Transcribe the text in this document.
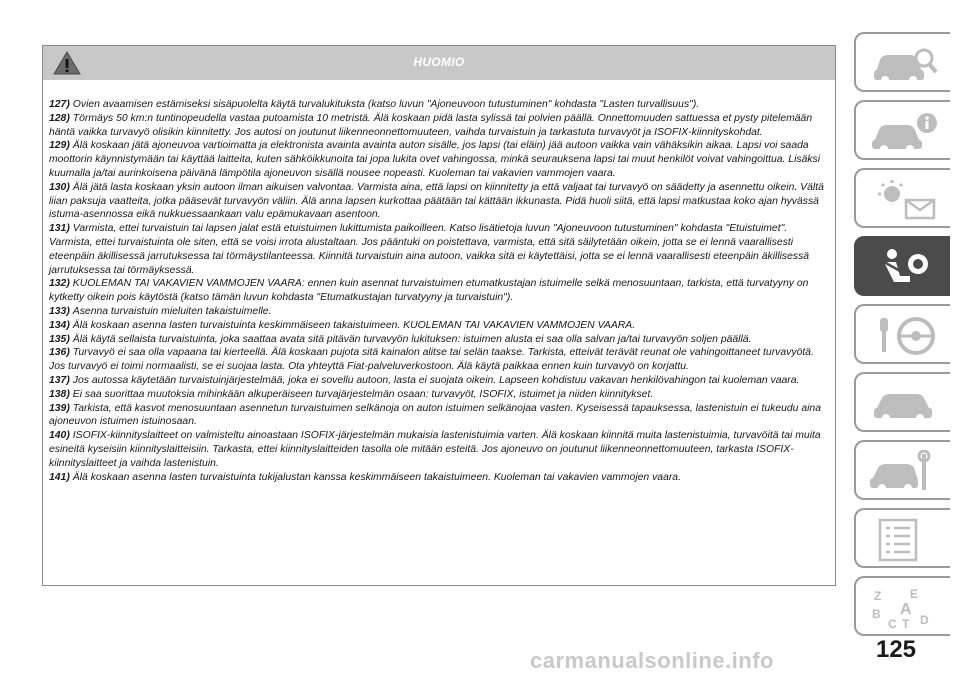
HUOMIO

127) Ovien avaamisen estämiseksi sisäpuolelta käytä turvalukituksta (katso luvun "Ajoneuvoon tutustuminen" kohdasta "Lasten turvallisuus").

128) Törmäys 50 km:n tuntinopeudella vastaa putoamista 10 metristä. Älä koskaan pidä lasta sylissä tai polvien päällä. Onnettomuuden sattuessa et pysty pitelemään häntä vaikka turvavyö olisikin kiinnitetty. Jos autosi on joutunut liikenneonnettomuuteen, vaihda turvaistuin ja tarkastuta turvavyöt ja ISOFIX-kiinnityskohdat.

129) Älä koskaan jätä ajoneuvoa vartioimatta ja elektronista avainta avainta auton sisälle, jos lapsi (tai eläin) jää autoon vaikka vain vähäksikin aikaa. Lapsi voi saada moottorin käynnistymään tai käyttää laitteita, kuten sähköikkunoita tai jopa lukita ovet vahingossa, minkä seurauksena lapsi tai muut henkilöt voivat vahingoittua. Lisäksi kuumalla ja/tai aurinkoisena päivänä lämpötila ajoneuvon sisällä nousee nopeasti. Kuoleman tai vakavien vammojen vaara.

130) Älä jätä lasta koskaan yksin autoon ilman aikuisen valvontaa. Varmista aina, että lapsi on kiinnitetty ja että valjaat tai turvavyö on säädetty ja asennettu oikein. Vältä liian paksuja vaatteita, jotka pääsevät turvavyön väliin. Älä anna lapsen kurkottaa päätään tai kättään ikkunasta. Pidä huoli siitä, että lapsi matkustaa koko ajan hyvässä istuma-asennossa eikä nukkuessaankaan valu epämukavaan asentoon.

131) Varmista, ettei turvaistuin tai lapsen jalat estä etuistuimen lukittumista paikoilleen. Katso lisätietoja luvun "Ajoneuvoon tutustuminen" kohdasta "Etuistuimet". Varmista, ettei turvaistuinta ole siten, että se voisi irrota alustaltaan. Jos pääntuki on poistettava, varmista, että sitä säilytetään oikein, jotta se ei lennä vaarallisesti eteenpäin äkillisessä jarrutuksessa tai törmäystilanteessa. Kiinnitä turvaistuin aina autoon, vaikka sitä ei käytettäisi, jotta se ei lennä vaarallisesti eteenpäin äkillisessä jarrutuksessa tai törmäyksessä.

132) KUOLEMAN TAI VAKAVIEN VAMMOJEN VAARA: ennen kuin asennat turvaistuimen etumatkustajan istuimelle selkä menosuuntaan, tarkista, että turvatyyny on kytketty oikein pois käytöstä (katso tämän luvun kohdasta "Etumatkustajan turvatyyny ja turvaistuin").

133) Asenna turvaistuin mieluiten takaistuimelle.

134) Älä koskaan asenna lasten turvaistuinta keskimmäiseen takaistuimeen. KUOLEMAN TAI VAKAVIEN VAMMOJEN VAARA.

135) Älä käytä sellaista turvaistuinta, joka saattaa avata sitä pitävän turvavyön lukituksen: istuimen alusta ei saa olla salvan ja/tai turvavyön soljen päällä.

136) Turvavyö ei saa olla vapaana tai kierteellä. Älä koskaan pujota sitä kainalon alitse tai selän taakse. Tarkista, etteivät terävät reunat ole vahingoittaneet turvavyötä. Jos turvavyö ei toimi normaalisti, se ei suojaa lasta. Ota yhteyttä Fiat-palveluverkostoon. Älä käytä paikkaa ennen kuin turvavyö on korjattu.

137) Jos autossa käytetään turvaistuinjärjestelmää, joka ei sovellu autoon, lasta ei suojata oikein. Lapseen kohdistuu vakavan henkilövahingon tai kuoleman vaara.

138) Ei saa suorittaa muutoksia mihinkään alkuperäiseen turvajärjestelmän osaan: turvavyöt, ISOFIX, istuimet ja niiden kiinnitykset.

139) Tarkista, että kasvot menosuuntaan asennetun turvaistuimen selkänoja on auton istuimen selkänojaa vasten. Kyseisessä tapauksessa, lastenistuin ei tukeudu aina ajoneuvon istuimen istuinosaan.

140) ISOFIX-kiinnityslaitteet on valmisteltu ainoastaan ISOFIX-järjestelmän mukaisia lastenistuimia varten. Älä koskaan kiinnitä muita lastenistuimia, turvavöitä tai muita esineitä kyseisiin kiinnityslaitteisiin. Tarkasta, ettei kiinnityslaitteiden tasolla ole mitään esteitä. Jos ajoneuvo on joutunut liikenneonnettomuuteen, tarkasta ISOFIX-kiinnityslaitteet ja vaihda lastenistuin.

141) Älä koskaan asenna lasten turvaistuinta tukijalustan kanssa keskimmäiseen takaistuimeen. Kuoleman tai vakavien vammojen vaara.

Z E
A
B
C T D
carmanualsonline.info	125
